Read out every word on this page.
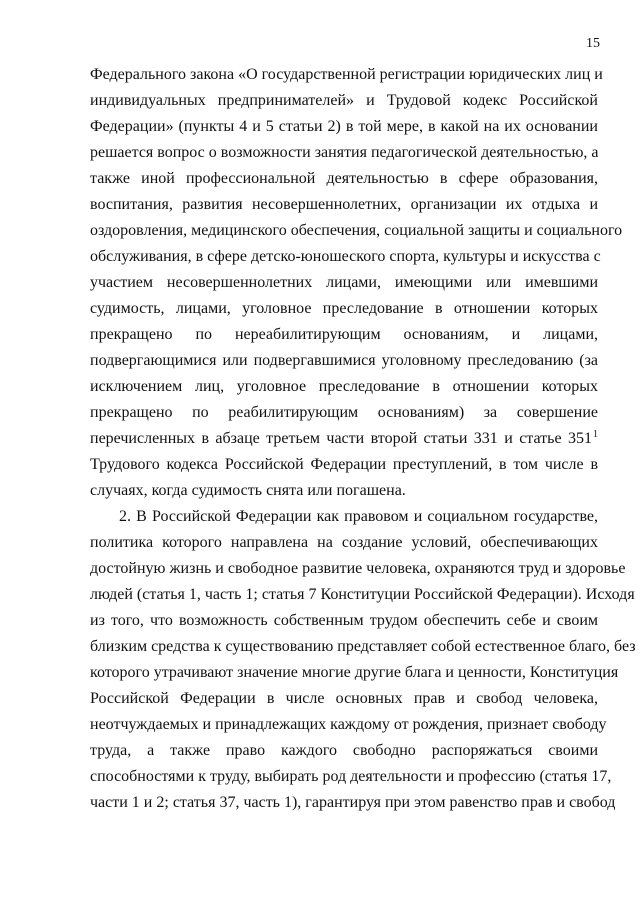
15
Федерального закона «О государственной регистрации юридических лиц и
индивидуальных предпринимателей» и Трудовой кодекс Российской
Федерации» (пункты 4 и 5 статьи 2) в той мере, в какой на их основании
решается вопрос о возможности занятия педагогической деятельностью, а
также иной профессиональной деятельностью в сфере образования,
воспитания, развития несовершеннолетних, организации их отдыха и
оздоровления, медицинского обеспечения, социальной защиты и социального
обслуживания, в сфере детско-юношеского спорта, культуры и искусства с
участием несовершеннолетних лицами, имеющими или имевшими
судимость, лицами, уголовное преследование в отношении которых
прекращено по нереабилитирующим основаниям, и лицами,
подвергающимися или подвергавшимися уголовному преследованию (за
исключением лиц, уголовное преследование в отношении которых
прекращено по реабилитирующим основаниям) за совершение
перечисленных в абзаце третьем части второй статьи 331 и статье $351^1$
Трудового кодекса Российской Федерации преступлений, в том числе в
случаях, когда судимость снята или погашена.
2. В Российской Федерации как правовом и социальном государстве,
политика которого направлена на создание условий, обеспечивающих
достойную жизнь и свободное развитие человека, охраняются труд и здоровье
людей (статья 1, часть 1; статья 7 Конституции Российской Федерации). Исходя
из того, что возможность собственным трудом обеспечить себе и своим
близким средства к существованию представляет собой естественное благо, без
которого утрачивают значение многие другие блага и ценности, Конституция
Российской Федерации в числе основных прав и свобод человека,
неотчуждаемых и принадлежащих каждому от рождения, признает свободу
труда, а также право каждого свободно распоряжаться своими
способностями к труду, выбирать род деятельности и профессию (статья 17,
части 1 и 2; статья 37, часть 1), гарантируя при этом равенство прав и свобод
